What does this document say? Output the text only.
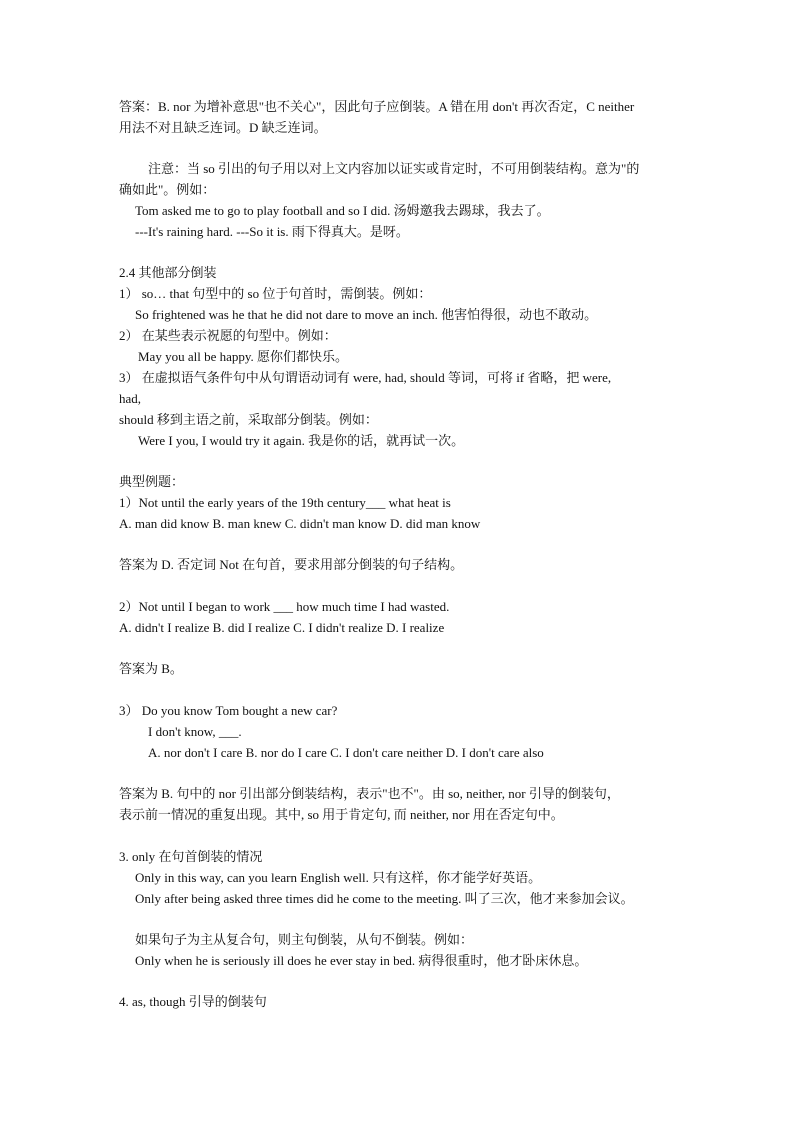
答案：B. nor 为增补意思"也不关心"，因此句子应倒装。A 错在用 don't 再次否定，C neither
用法不对且缺乏连词。D 缺乏连词。
注意：当 so 引出的句子用以对上文内容加以证实或肯定时，不可用倒装结构。意为"的
确如此"。例如：
Tom asked me to go to play football and so I did. 汤姆邀我去踢球，我去了。
---It's raining hard. ---So it is. 雨下得真大。是呀。
2.4 其他部分倒装
1） so… that 句型中的 so 位于句首时，需倒装。例如：
So frightened was he that he did not dare to move an inch. 他害怕得很，动也不敢动。
2） 在某些表示祝愿的句型中。例如：
May you all be happy. 愿你们都快乐。
3） 在虚拟语气条件句中从句谓语动词有 were, had, should 等词，可将 if 省略，把 were,
had,
should 移到主语之前，采取部分倒装。例如：
Were I you, I would try it again. 我是你的话，就再试一次。
典型例题：
1）Not until the early years of the 19th century___ what heat is
A. man did know B. man knew C. didn't man know D. did man know
答案为 D. 否定词 Not 在句首，要求用部分倒装的句子结构。
2）Not until I began to work ___ how much time I had wasted.
A. didn't I realize B. did I realize C. I didn't realize D. I realize
答案为 B。
3） Do you know Tom bought a new car?
I don't know, ___.
A. nor don't I care B. nor do I care C. I don't care neither D. I don't care also
答案为 B. 句中的 nor 引出部分倒装结构，表示"也不"。由 so, neither, nor 引导的倒装句，
表示前一情况的重复出现。其中, so 用于肯定句, 而 neither, nor 用在否定句中。
3. only 在句首倒装的情况
Only in this way, can you learn English well. 只有这样，你才能学好英语。
Only after being asked three times did he come to the meeting. 叫了三次，他才来参加会议。
如果句子为主从复合句，则主句倒装，从句不倒装。例如：
Only when he is seriously ill does he ever stay in bed. 病得很重时，他才卧床休息。
4. as, though 引导的倒装句
